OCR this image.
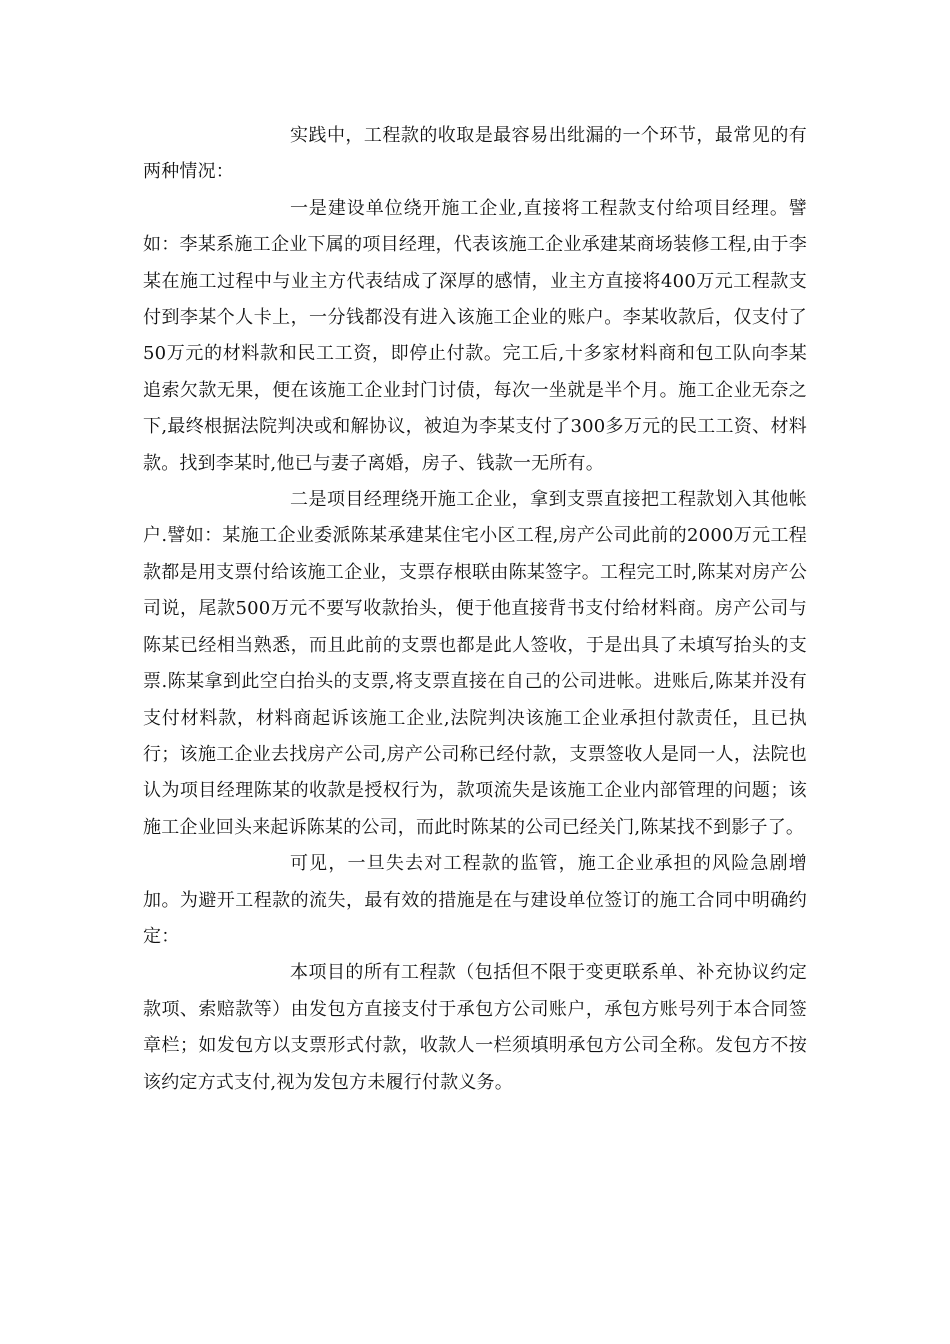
实践中，工程款的收取是最容易出纰漏的一个环节，最常见的有两种情况：

一是建设单位绕开施工企业,直接将工程款支付给项目经理。譬如：李某系施工企业下属的项目经理，代表该施工企业承建某商场装修工程,由于李某在施工过程中与业主方代表结成了深厚的感情，业主方直接将400万元工程款支付到李某个人卡上，一分钱都没有进入该施工企业的账户。李某收款后，仅支付了50万元的材料款和民工工资，即停止付款。完工后,十多家材料商和包工队向李某追索欠款无果，便在该施工企业封门讨债，每次一坐就是半个月。施工企业无奈之下,最终根据法院判决或和解协议，被迫为李某支付了300多万元的民工工资、材料款。找到李某时,他已与妻子离婚，房子、钱款一无所有。

二是项目经理绕开施工企业，拿到支票直接把工程款划入其他帐户.譬如：某施工企业委派陈某承建某住宅小区工程,房产公司此前的2000万元工程款都是用支票付给该施工企业，支票存根联由陈某签字。工程完工时,陈某对房产公司说，尾款500万元不要写收款抬头，便于他直接背书支付给材料商。房产公司与陈某已经相当熟悉，而且此前的支票也都是此人签收，于是出具了未填写抬头的支票.陈某拿到此空白抬头的支票,将支票直接在自己的公司进帐。进账后,陈某并没有支付材料款，材料商起诉该施工企业,法院判决该施工企业承担付款责任，且已执行；该施工企业去找房产公司,房产公司称已经付款，支票签收人是同一人，法院也认为项目经理陈某的收款是授权行为，款项流失是该施工企业内部管理的问题；该施工企业回头来起诉陈某的公司，而此时陈某的公司已经关门,陈某找不到影子了。

可见，一旦失去对工程款的监管，施工企业承担的风险急剧增加。为避开工程款的流失，最有效的措施是在与建设单位签订的施工合同中明确约定：

本项目的所有工程款（包括但不限于变更联系单、补充协议约定款项、索赔款等）由发包方直接支付于承包方公司账户，承包方账号列于本合同签章栏；如发包方以支票形式付款，收款人一栏须填明承包方公司全称。发包方不按该约定方式支付,视为发包方未履行付款义务。
